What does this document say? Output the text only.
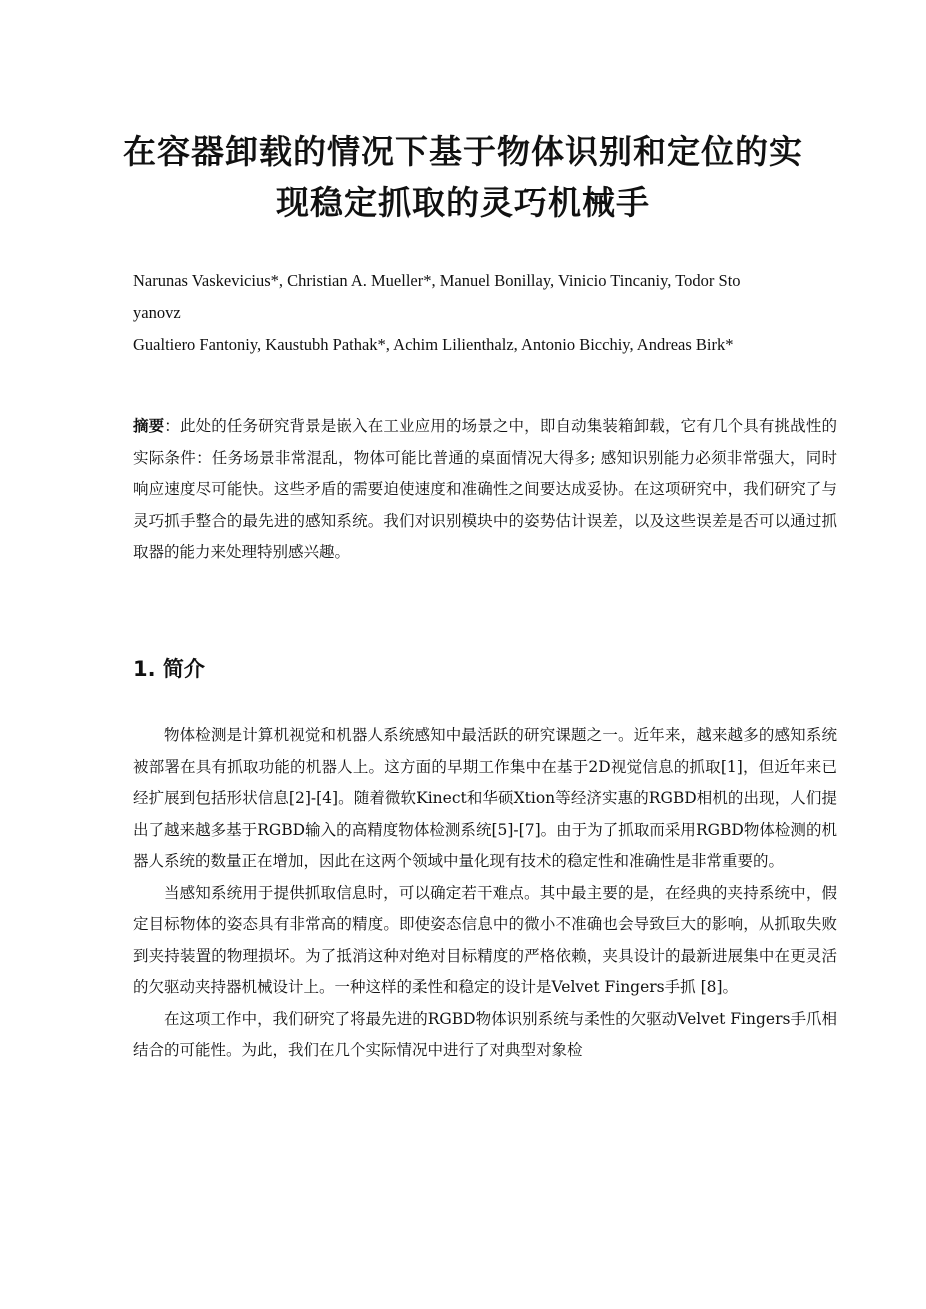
在容器卸载的情况下基于物体识别和定位的实
现稳定抓取的灵巧机械手
Narunas Vaskevicius*, Christian A. Mueller*, Manuel Bonillay, Vinicio Tincaniy, Todor Sto
yanovz
Gualtiero Fantoniy, Kaustubh Pathak*, Achim Lilienthalz, Antonio Bicchiy, Andreas Birk*
摘要：此处的任务研究背景是嵌入在工业应用的场景之中，即自动集装箱卸载，它有几个具有挑战性的实际条件：任务场景非常混乱，物体可能比普通的桌面情况大得多; 感知识别能力必须非常强大，同时响应速度尽可能快。这些矛盾的需要迫使速度和准确性之间要达成妥协。在这项研究中，我们研究了与灵巧抓手整合的最先进的感知系统。我们对识别模块中的姿势估计误差，以及这些误差是否可以通过抓取器的能力来处理特别感兴趣。
1. 简介

物体检测是计算机视觉和机器人系统感知中最活跃的研究课题之一。近年来，越来越多的感知系统被部署在具有抓取功能的机器人上。这方面的早期工作集中在基于2D视觉信息的抓取[1]，但近年来已经扩展到包括形状信息[2]-[4]。随着微软Kinect和华硕Xtion等经济实惠的RGBD相机的出现，人们提出了越来越多基于RGBD输入的高精度物体检测系统[5]-[7]。由于为了抓取而采用RGBD物体检测的机器人系统的数量正在增加，因此在这两个领域中量化现有技术的稳定性和准确性是非常重要的。

当感知系统用于提供抓取信息时，可以确定若干难点。其中最主要的是，在经典的夹持系统中，假定目标物体的姿态具有非常高的精度。即使姿态信息中的微小不准确也会导致巨大的影响，从抓取失败到夹持装置的物理损坏。为了抵消这种对绝对目标精度的严格依赖，夹具设计的最新进展集中在更灵活的欠驱动夹持器机械设计上。一种这样的柔性和稳定的设计是Velvet Fingers手抓 [8]。

在这项工作中，我们研究了将最先进的RGBD物体识别系统与柔性的欠驱动Velvet Fingers手爪相结合的可能性。为此，我们在几个实际情况中进行了对典型对象检
